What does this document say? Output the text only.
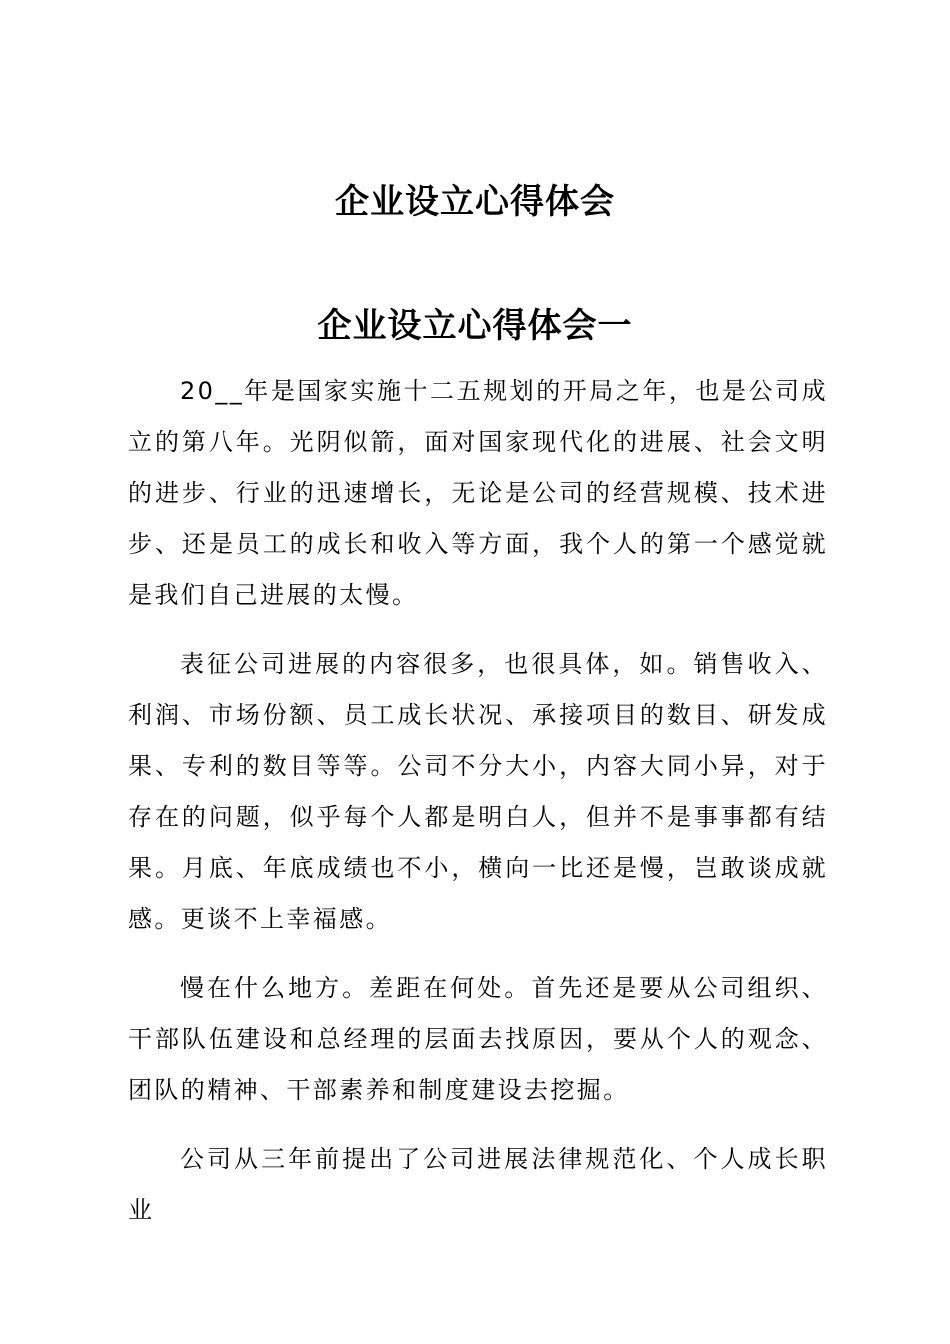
企业设立心得体会
企业设立心得体会一

20__年是国家实施十二五规划的开局之年，也是公司成立的第八年。光阴似箭，面对国家现代化的进展、社会文明的进步、行业的迅速增长，无论是公司的经营规模、技术进步、还是员工的成长和收入等方面，我个人的第一个感觉就是我们自己进展的太慢。

表征公司进展的内容很多，也很具体，如。销售收入、利润、市场份额、员工成长状况、承接项目的数目、研发成果、专利的数目等等。公司不分大小，内容大同小异，对于存在的问题，似乎每个人都是明白人，但并不是事事都有结果。月底、年底成绩也不小，横向一比还是慢，岂敢谈成就感。更谈不上幸福感。

慢在什么地方。差距在何处。首先还是要从公司组织、干部队伍建设和总经理的层面去找原因，要从个人的观念、团队的精神、干部素养和制度建设去挖掘。

公司从三年前提出了公司进展法律规范化、个人成长职业
